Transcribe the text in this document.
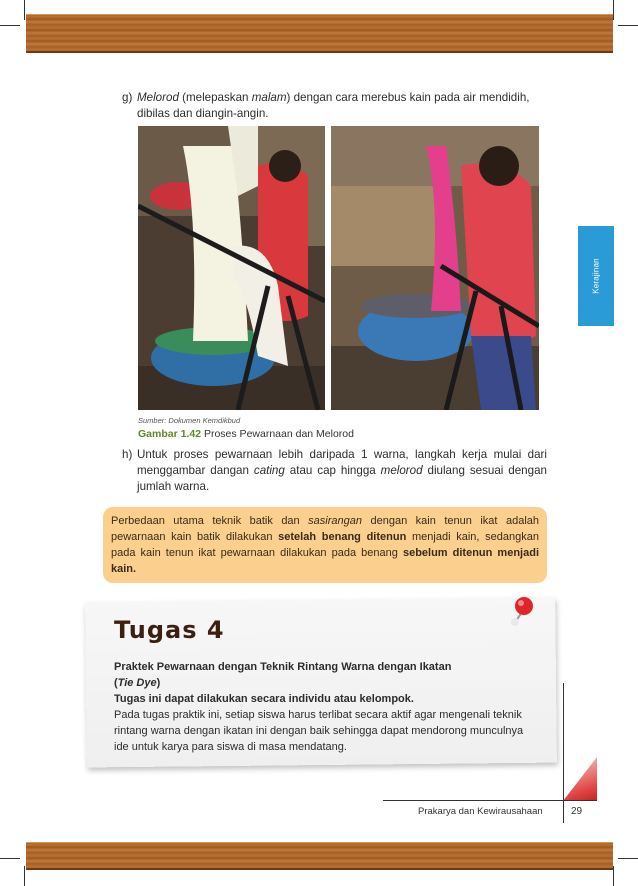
Kerajinan
g) Melorod (melepaskan malam) dengan cara merebus kain pada air mendidih, dibilas dan diangin-angin.
Sumber: Dokumen Kemdikbud
Gambar 1.42 Proses Pewarnaan dan Melorod
h) Untuk proses pewarnaan lebih daripada 1 warna, langkah kerja mulai dari menggambar dangan cating atau cap hingga melorod diulang sesuai dengan jumlah warna.
Perbedaan utama teknik batik dan sasirangan dengan kain tenun ikat adalah pewarnaan kain batik dilakukan setelah benang ditenun menjadi kain, sedangkan pada kain tenun ikat pewarnaan dilakukan pada benang sebelum ditenun menjadi kain.
Tugas 4
Praktek Pewarnaan dengan Teknik Rintang Warna dengan Ikatan
(Tie Dye)
Tugas ini dapat dilakukan secara individu atau kelompok.
Pada tugas praktik ini, setiap siswa harus terlibat secara aktif agar mengenali teknik rintang warna dengan ikatan ini dengan baik sehingga dapat mendorong munculnya ide untuk karya para siswa di masa mendatang.
Prakarya dan Kewirausahaan	29
